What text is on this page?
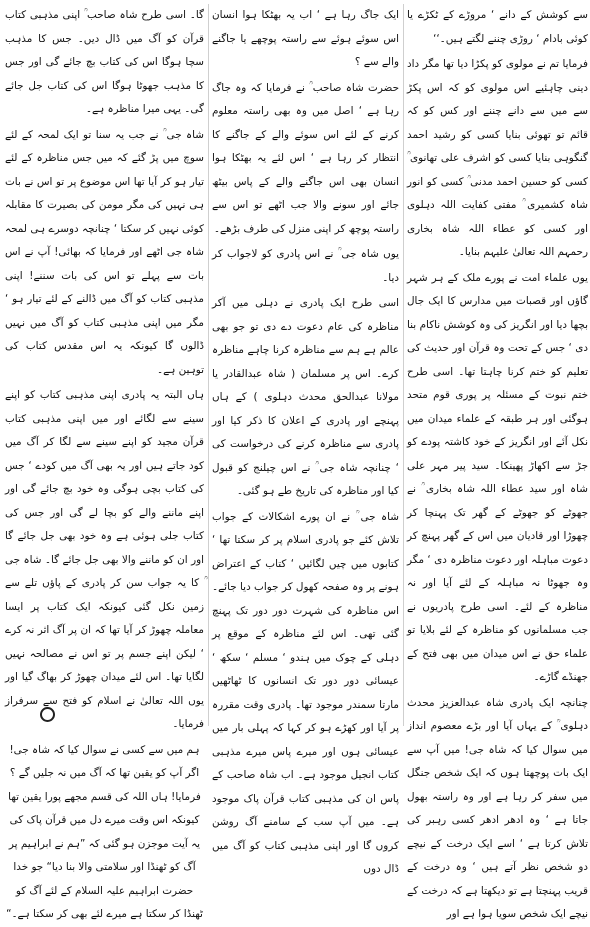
سے کوشش کے دانے ‘ مروڑے کے ٹکڑے یا کوئی بادام ‘ روڑی چننے لگتے ہیں۔‘‘

فرمایا تم نے مولوی کو پکڑا دیا تھا مگر داد دینی چاہئیے اس مولوی کو کہ اس پکڑ سے میں سے دانے چننے اور کس کو کہ قائم تو تھوئی بنایا کسی کو رشید احمد گنگوہی بنایا کسی کو اشرف علی تھانوی ؒ کسی کو حسین احمد مدنی ؒ کسی کو انور شاہ کشمیری ؒ مفتی کفایت اللہ دہلوی اور کسی کو عطاء اللہ شاہ بخاری رحمہم اللہ تعالیٰ علیہم بنایا۔

یوں علماء امت نے پورے ملک کے ہر شہر گاؤں اور قصبات میں مدارس کا ایک جال بچھا دیا اور انگریز کی وہ کوشش ناکام بنا دی ‘ جس کے تحت وہ قرآن اور حدیث کی تعلیم کو ختم کرنا چاہتا تھا۔ اسی طرح ختم نبوت کے مسئلہ پر پوری قوم متحد ہوگئی اور ہر طبقہ کے علماء میدان میں نکل آئے اور انگریز کے خود کاشتہ پودے کو جڑ سے اکھاڑ پھینکا۔ سید پیر مہر علی شاہ اور سید عطاء اللہ شاہ بخاری ؒ نے جھوٹے کو جھوٹے کے گھر تک پہنچا کر چھوڑا اور قادیان میں اس کے گھر پہنچ کر دعوت مباہلہ اور دعوت مناظرہ دی ‘ مگر وہ جھوٹا نہ مباہلہ کے لئے آیا اور نہ مناظرہ کے لئے۔ اسی طرح پادریوں نے جب مسلمانوں کو مناظرہ کے لئے بلایا تو علماء حق نے اس میدان میں بھی فتح کے جھنڈے گاڑے۔

چنانچہ ایک پادری شاہ عبدالعزیز محدث دہلوی ؒ کے یہاں آیا اور بڑے معصوم انداز میں سوال کیا کہ شاہ جی! میں آپ سے ایک بات پوچھتا ہوں کہ ایک شخص جنگل میں سفر کر رہا ہے اور وہ راستہ بھول جاتا ہے ‘ وہ ادھر ادھر کسی رہبر کی تلاش کرتا ہے ‘ اسے ایک درخت کے نیچے دو شخص نظر آتے ہیں ‘ وہ درخت کے قریب پہنچتا ہے تو دیکھتا ہے کہ درخت کے نیچے ایک شخص سویا ہوا ہے اور

ایک جاگ رہا ہے ‘ اب یہ بھٹکا ہوا انسان اس سوئے ہوئے سے راستہ پوچھے یا جاگنے والے سے ؟

حضرت شاہ صاحب ؒ نے فرمایا کہ وہ جاگ رہا ہے ‘ اصل میں وہ بھی راستہ معلوم کرنے کے لئے اس سوئے والے کے جاگنے کا انتظار کر رہا ہے ‘ اس لئے یہ بھٹکا ہوا انسان بھی اس جاگنے والے کے پاس بیٹھ جائے اور سونے والا جب اٹھے تو اس سے راستہ پوچھ کر اپنی منزل کی طرف بڑھے۔

یوں شاہ جی ؒ نے اس پادری کو لاجواب کر دیا۔

اسی طرح ایک پادری نے دہلی میں آکر مناظرہ کی عام دعوت دے دی تو جو بھی عالم ہے ہم سے مناظرہ کرنا چاہے مناظرہ کرے۔ اس پر مسلمان ( شاہ عبدالقادر یا مولانا عبدالحق محدث دہلوی ) کے ہاں پہنچے اور پادری کے اعلان کا ذکر کیا اور پادری سے مناظرہ کرنے کی درخواست کی ‘ چنانچہ شاہ جی ؒ نے اس چیلنج کو قبول کیا اور مناظرہ کی تاریخ طے ہو گئی۔

شاہ جی ؒ نے ان پورے اشکالات کے جواب تلاش کئے جو پادری اسلام پر کر سکتا تھا ‘ کتابوں میں چیں لگائیں ‘ کتاب کے اعتراض ہونے پر وہ صفحہ کھول کر جواب دیا جائے۔ اس مناظرہ کی شہرت دور دور تک پہنچ گئی تھی۔ اس لئے مناظرہ کے موقع پر دہلی کے چوک میں ہندو ‘ مسلم ‘ سکھ ‘ عیسائی دور دور تک انسانوں کا ٹھاٹھیں مارتا سمندر موجود تھا۔ پادری وقت مقررہ پر آیا اور کھڑے ہو کر کہا کہ پہلی بار میں عیسائی ہوں اور میرے پاس میرے مذہبی کتاب انجیل موجود ہے۔ اب شاہ صاحب کے پاس ان کی مذہبی کتاب قرآن پاک موجود ہے۔ میں آپ سب کے سامنے آگ روشن کروں گا اور اپنی مذہبی کتاب کو آگ میں ڈال دوں

گا۔ اسی طرح شاہ صاحب ؒ اپنی مذہبی کتاب قرآن کو آگ میں ڈال دیں۔ جس کا مذہب سچا ہوگا اس کی کتاب بچ جائے گی اور جس کا مذہب جھوٹا ہوگا اس کی کتاب جل جائے گی۔ یہی میرا مناظرہ ہے۔

شاہ جی ؒ نے جب یہ سنا تو ایک لمحہ کے لئے سوچ میں پڑ گئے کہ میں جس مناظرہ کے لئے تیار ہو کر آیا تھا اس موضوع پر تو اس نے بات ہی نہیں کی مگر مومن کی بصیرت کا مقابلہ کوئی نہیں کر سکتا ‘ چنانچہ دوسرے ہی لمحہ شاہ جی اٹھے اور فرمایا کہ بھائی! آپ نے اس بات سے پہلے تو اس کی بات سننے! اپنی مذہبی کتاب کو آگ میں ڈالنے کے لئے تیار ہو ‘ مگر میں اپنی مذہبی کتاب کو آگ میں نہیں ڈالوں گا کیونکہ یہ اس مقدس کتاب کی توہین ہے۔

ہاں البتہ یہ پادری اپنی مذہبی کتاب کو اپنے سینے سے لگائے اور میں اپنی مذہبی کتاب قرآن مجید کو اپنے سینے سے لگا کر آگ میں کود جاتے ہیں اور یہ بھی آگ میں کودے ‘ جس کی کتاب بچی ہوگی وہ خود بچ جائے گی اور اپنے ماننے والے کو بچا لے گی اور جس کی کتاب جلی ہوئی ہے وہ خود بھی جل جائے گا اور ان کو ماننے والا بھی جل جائے گا۔ شاہ جی ؒ کا یہ جواب سن کر پادری کے پاؤں تلے سے زمین نکل گئی کیونکہ ایک کتاب پر ایسا معاملہ چھوڑ کر آیا تھا کہ ان پر آگ اثر نہ کرے ‘ لیکن اپنے جسم پر تو اس نے مصالحہ نہیں لگایا تھا۔ اس لئے میدان چھوڑ کر بھاگ گیا اور یوں اللہ تعالیٰ نے اسلام کو فتح سے سرفراز فرمایا۔

ہم میں سے کسی نے سوال کیا کہ شاہ جی! اگر آپ کو یقین تھا کہ آگ میں نہ جلیں گے ؟ فرمایا! ہاں اللہ کی قسم مجھے پورا یقین تھا کیونکہ اس وقت میرے دل میں قرآن پاک کی یہ آیت موجزن ہو گئی کہ ”ہم نے ابراہیم پر آگ کو ٹھنڈا اور سلامتی والا بنا دیا“ جو خدا حضرت ابراہیم علیہ السلام کے لئے آگ کو ٹھنڈا کر سکتا ہے میرے لئے بھی کر سکتا ہے۔“
